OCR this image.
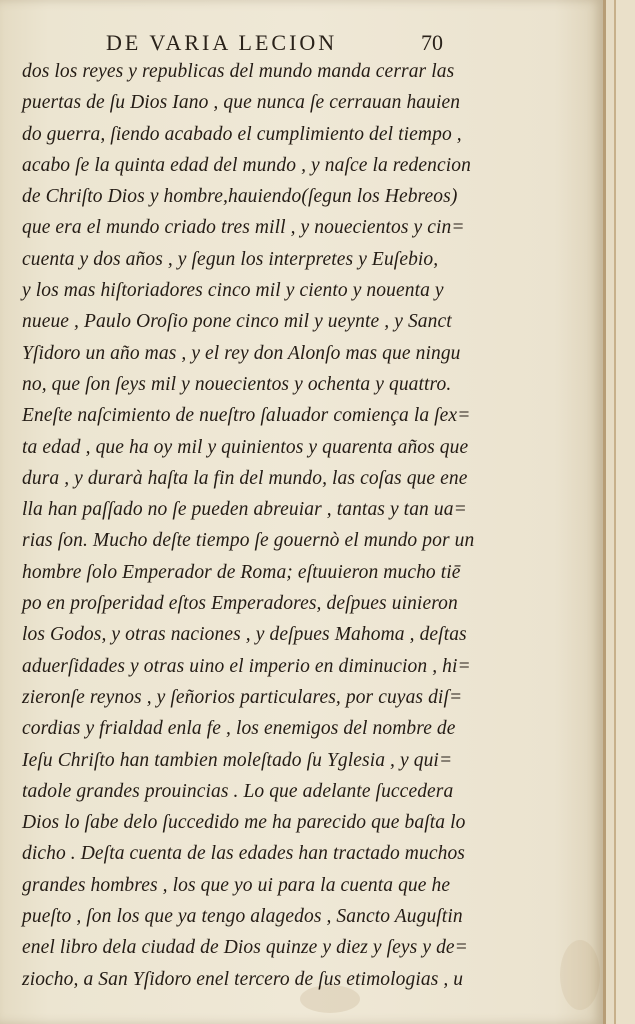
DE VARIA LECION	70
dos los reyes y republicas del mundo manda cerrar las
puertas de ſu Dios Iano , que nunca ſe cerrauan hauien
do guerra, ſiendo acabado el cumplimiento del tiempo ,
acabo ſe la quinta edad del mundo , y naſce la redencion
de Chriſto Dios y hombre,hauiendo(ſegun los Hebreos)
que era el mundo criado tres mill , y nouecientos y cin=
cuenta y dos años , y ſegun los interpretes y Euſebio,
y los mas hiſtoriadores cinco mil y ciento y nouenta y
nueue , Paulo Oroſio pone cinco mil y ueynte , y Sanct
Yſidoro un año mas , y el rey don Alonſo mas que ningu
no, que ſon ſeys mil y nouecientos y ochenta y quattro.
Eneſte naſcimiento de nueſtro ſaluador comiença la ſex=
ta edad , que ha oy mil y quinientos y quarenta años que
dura , y durarà haſta la fin del mundo, las coſas que ene
lla han paſſado no ſe pueden abreuiar , tantas y tan ua=
rias ſon. Mucho deſte tiempo ſe gouernò el mundo por un
hombre ſolo Emperador de Roma; eſtuuieron mucho tiē
po en proſperidad eſtos Emperadores, deſpues uinieron
los Godos, y otras naciones , y deſpues Mahoma , deſtas
aduerſidades y otras uino el imperio en diminucion , hi=
zieronſe reynos , y ſeñorios particulares, por cuyas diſ=
cordias y frialdad enla fe , los enemigos del nombre de
Ieſu Chriſto han tambien moleſtado ſu Yglesia , y qui=
tadole grandes prouincias . Lo que adelante ſuccedera
Dios lo ſabe delo ſuccedido me ha parecido que baſta lo
dicho . Deſta cuenta de las edades han tractado muchos
grandes hombres , los que yo ui para la cuenta que he
pueſto , ſon los que ya tengo alagedos , Sancto Auguſtin
enel libro dela ciudad de Dios quinze y diez y ſeys y de=
ziocho, a San Yſidoro enel tercero de ſus etimologias , u
